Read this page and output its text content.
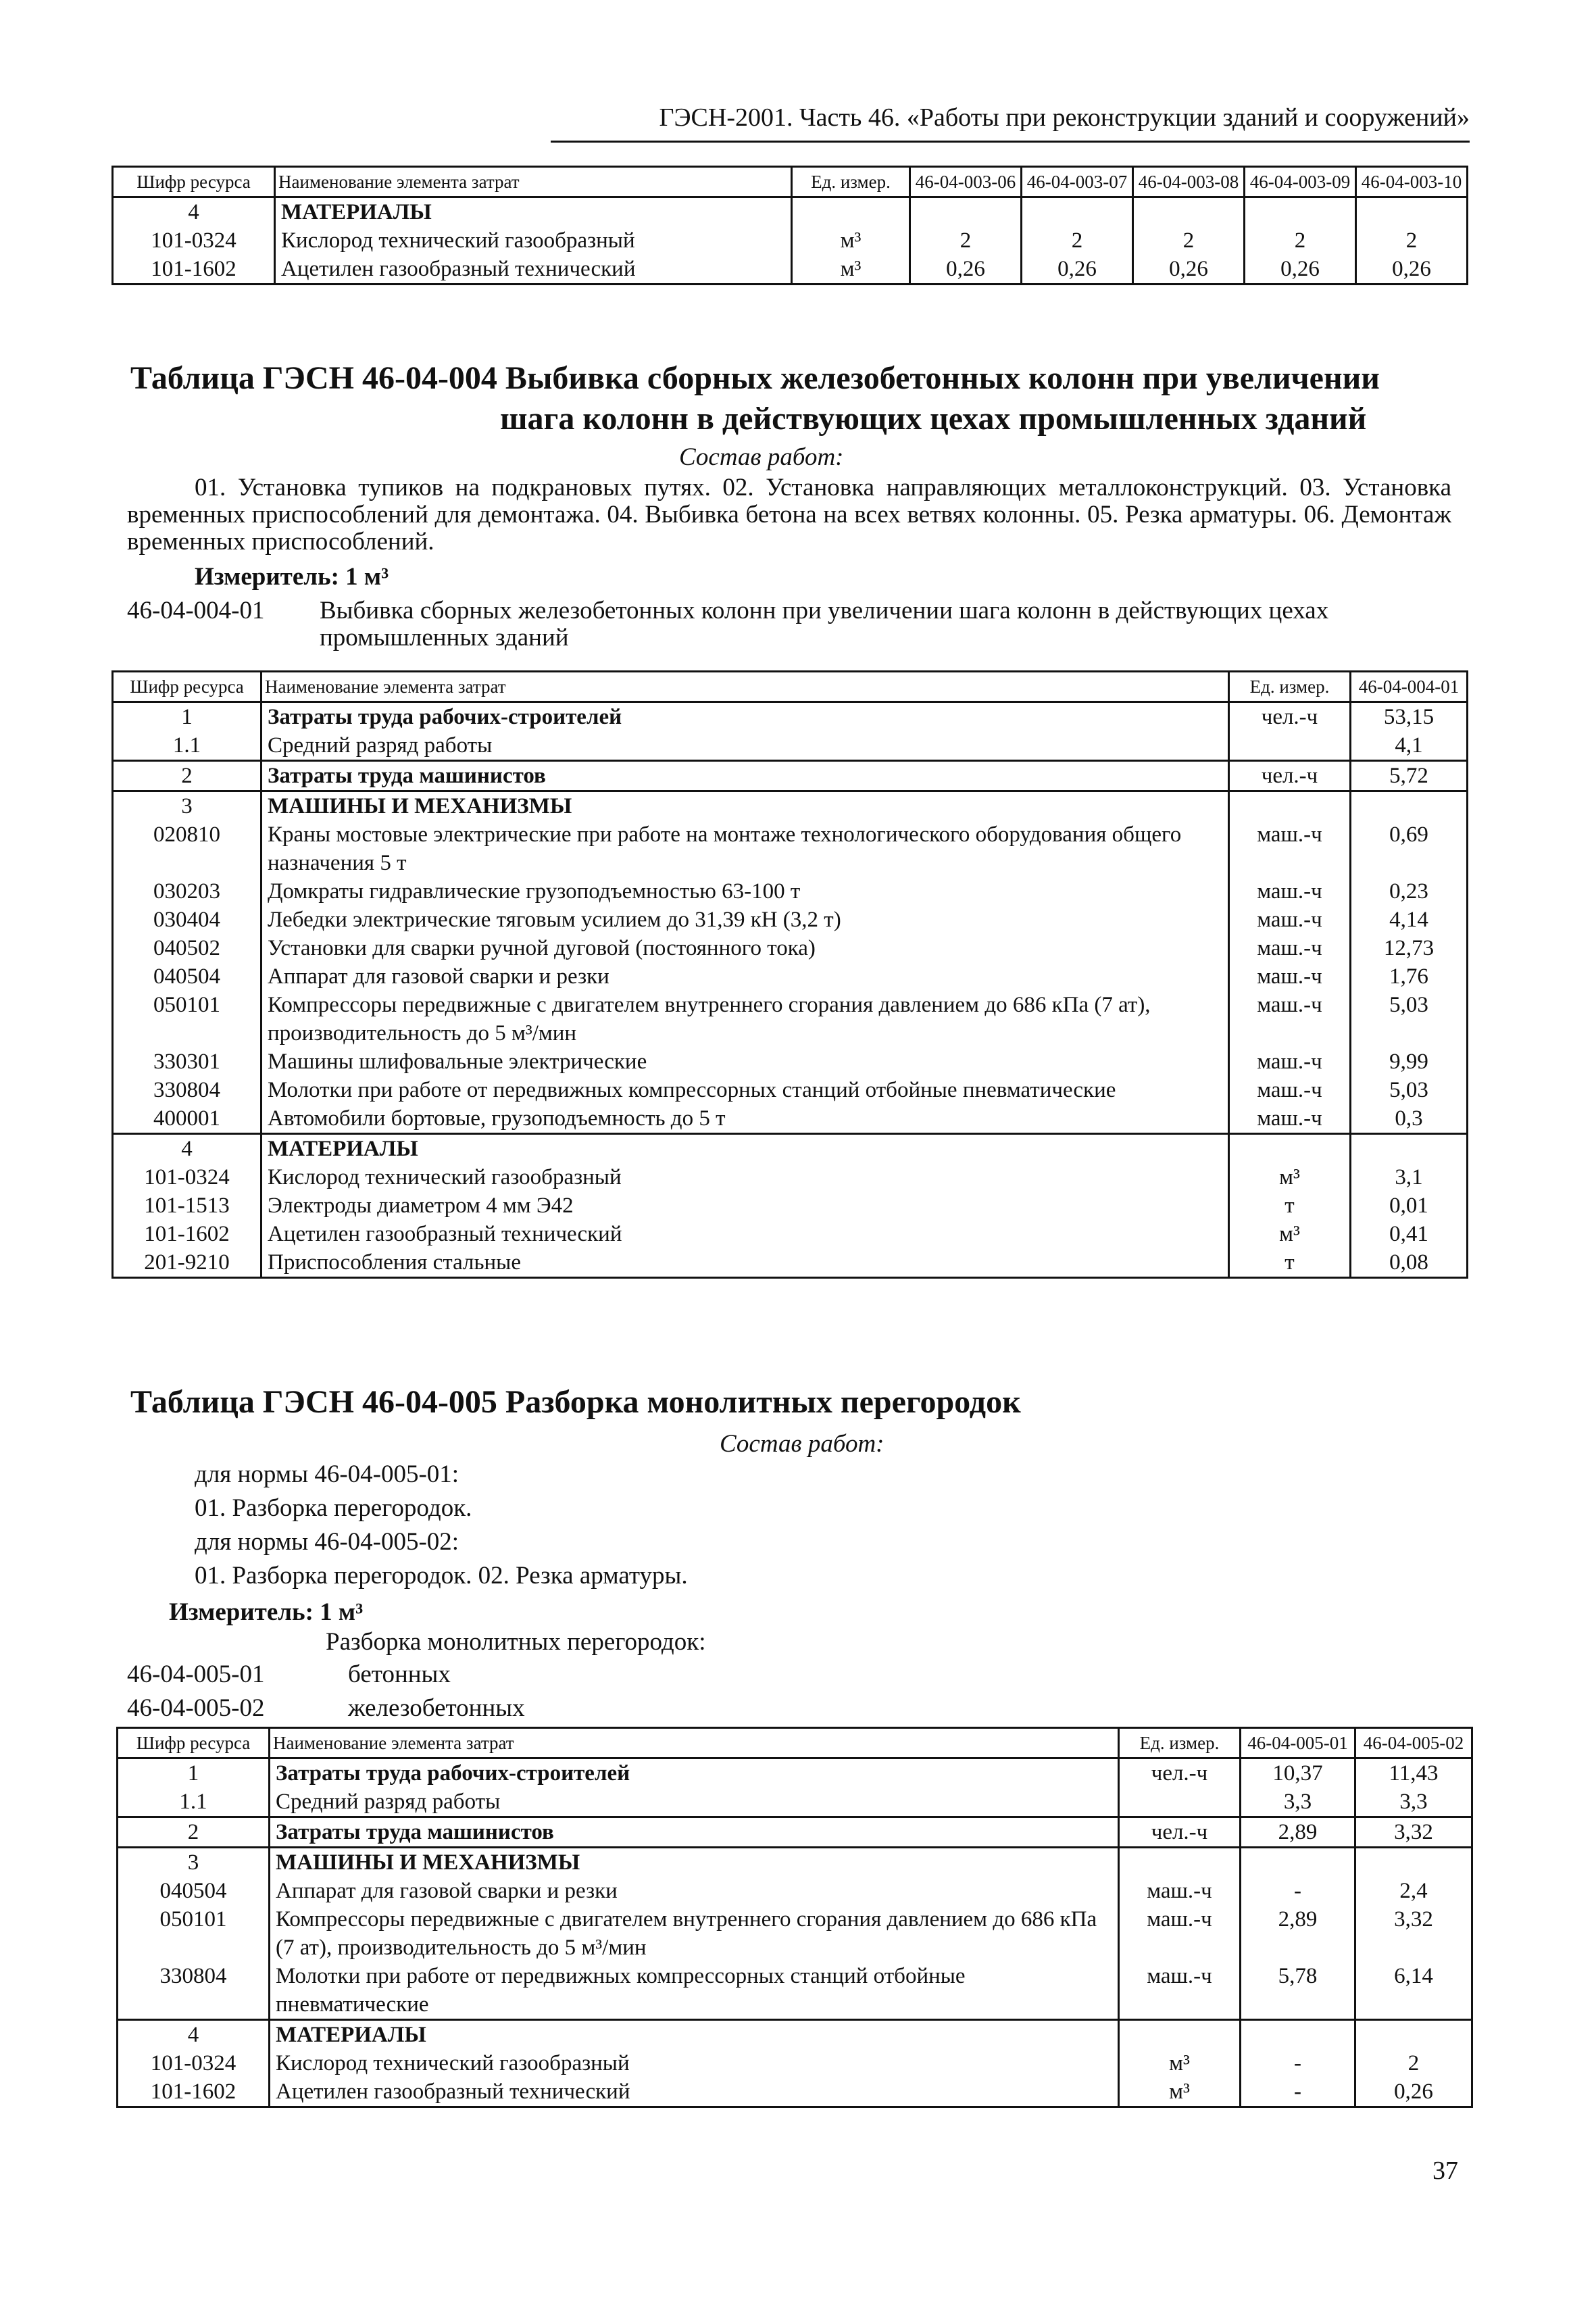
ГЭСН-2001. Часть 46. «Работы при реконструкции зданий и сооружений»
Шифр ресурса	Наименование элемента затрат	Ед. измер.	46-04-003-06	46-04-003-07	46-04-003-08	46-04-003-09	46-04-003-10
4	МАТЕРИАЛЫ						
101-0324	Кислород технический газообразный	м³	2	2	2	2	2
101-1602	Ацетилен газообразный технический	м³	0,26	0,26	0,26	0,26	0,26
Таблица ГЭСН 46-04-004 Выбивка сборных железобетонных колонн при увеличении
шага колонн в действующих цехах промышленных зданий
Состав работ:
01. Установка тупиков на подкрановых путях. 02. Установка направляющих металлоконструкций. 03. Установка временных приспособлений для демонтажа. 04. Выбивка бетона на всех ветвях колонны. 05. Резка арматуры. 06. Демонтаж временных приспособлений.
Измеритель: 1 м³
46-04-004-01 Выбивка сборных железобетонных колонн при увеличении шага колонн в действующих цехах промышленных зданий
Шифр ресурса	Наименование элемента затрат	Ед. измер.	46-04-004-01
1	Затраты труда рабочих-строителей	чел.-ч	53,15
1.1	Средний разряд работы		4,1
2	Затраты труда машинистов	чел.-ч	5,72
3	МАШИНЫ И МЕХАНИЗМЫ		
020810	Краны мостовые электрические при работе на монтаже технологического оборудования общего назначения 5 т	маш.-ч	0,69
030203	Домкраты гидравлические грузоподъемностью 63-100 т	маш.-ч	0,23
030404	Лебедки электрические тяговым усилием до 31,39 кН (3,2 т)	маш.-ч	4,14
040502	Установки для сварки ручной дуговой (постоянного тока)	маш.-ч	12,73
040504	Аппарат для газовой сварки и резки	маш.-ч	1,76
050101	Компрессоры передвижные с двигателем внутреннего сгорания давлением до 686 кПа (7 ат), производительность до 5 м³/мин	маш.-ч	5,03
330301	Машины шлифовальные электрические	маш.-ч	9,99
330804	Молотки при работе от передвижных компрессорных станций отбойные пневматические	маш.-ч	5,03
400001	Автомобили бортовые, грузоподъемность до 5 т	маш.-ч	0,3
4	МАТЕРИАЛЫ		
101-0324	Кислород технический газообразный	м³	3,1
101-1513	Электроды диаметром 4 мм Э42	т	0,01
101-1602	Ацетилен газообразный технический	м³	0,41
201-9210	Приспособления стальные	т	0,08
Таблица ГЭСН 46-04-005 Разборка монолитных перегородок
Состав работ:
для нормы 46-04-005-01:
01. Разборка перегородок.
для нормы 46-04-005-02:
01. Разборка перегородок. 02. Резка арматуры.
Измеритель: 1 м³
Разборка монолитных перегородок:
46-04-005-01	бетонных
46-04-005-02	железобетонных
Шифр ресурса	Наименование элемента затрат	Ед. измер.	46-04-005-01	46-04-005-02
1	Затраты труда рабочих-строителей	чел.-ч	10,37	11,43
1.1	Средний разряд работы		3,3	3,3
2	Затраты труда машинистов	чел.-ч	2,89	3,32
3	МАШИНЫ И МЕХАНИЗМЫ			
040504	Аппарат для газовой сварки и резки	маш.-ч	-	2,4
050101	Компрессоры передвижные с двигателем внутреннего сгорания давлением до 686 кПа (7 ат), производительность до 5 м³/мин	маш.-ч	2,89	3,32
330804	Молотки при работе от передвижных компрессорных станций отбойные пневматические	маш.-ч	5,78	6,14
4	МАТЕРИАЛЫ			
101-0324	Кислород технический газообразный	м³	-	2
101-1602	Ацетилен газообразный технический	м³	-	0,26
37
